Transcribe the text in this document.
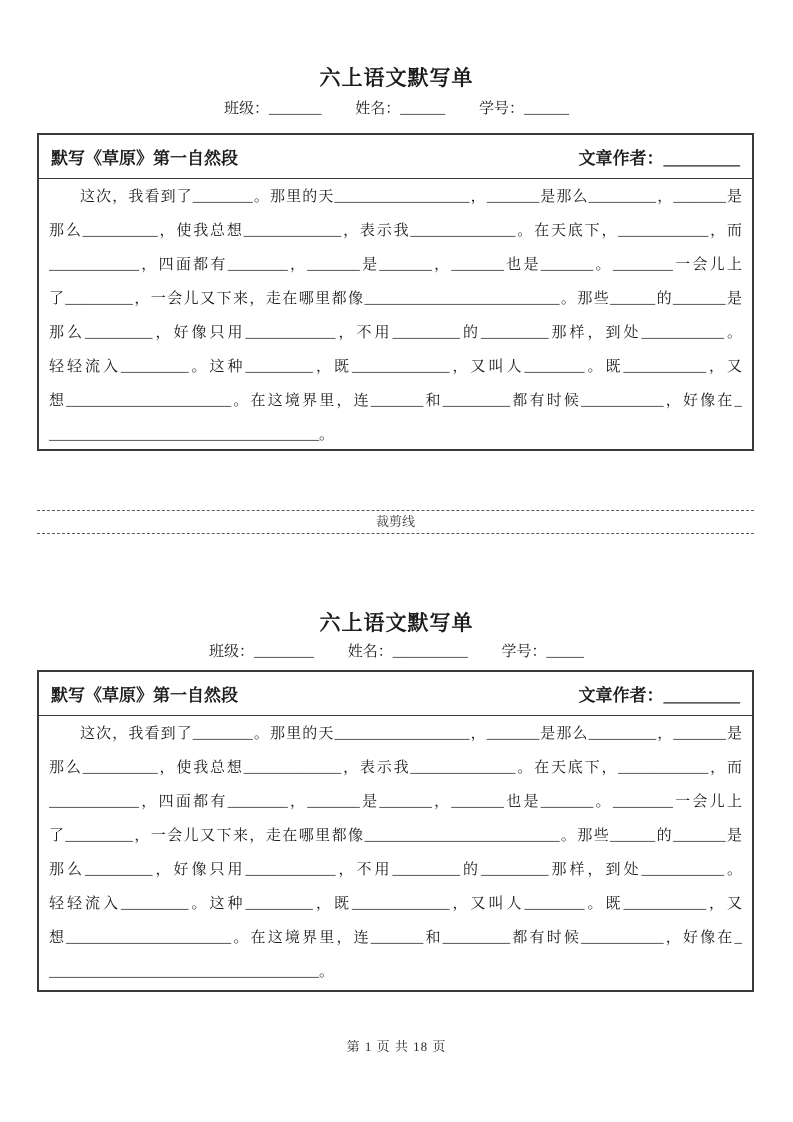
六上语文默写单
班级：_______ 姓名：______ 学号：______
默写《草原》第一自然段	文章作者：_________
这次，我看到了________。那里的天__________________，_______是那么_________，_______是
那么__________，使我总想_____________，表示我______________。在天底下，____________，而
____________，四面都有________，_______是_______，_______也是_______。________一会儿上
了_________，一会儿又下来，走在哪里都像__________________________。那些______的_______是
那么_________，好像只用____________，不用_________的_________那样，到处___________。
轻轻流入_________。这种_________，既_____________，又叫人________。既___________，又
想______________________。在这境界里，连_______和_________都有时候___________，好像在_
____________________________________。
裁剪线
六上语文默写单
班级：________ 姓名：__________ 学号：_____
默写《草原》第一自然段	文章作者：_________
这次，我看到了________。那里的天__________________，_______是那么_________，_______是
那么__________，使我总想_____________，表示我______________。在天底下，____________，而
____________，四面都有________，_______是_______，_______也是_______。________一会儿上
了_________，一会儿又下来，走在哪里都像__________________________。那些______的_______是
那么_________，好像只用____________，不用_________的_________那样，到处___________。
轻轻流入_________。这种_________，既_____________，又叫人________。既___________，又
想______________________。在这境界里，连_______和_________都有时候___________，好像在_
____________________________________。
第 1 页 共 18 页
